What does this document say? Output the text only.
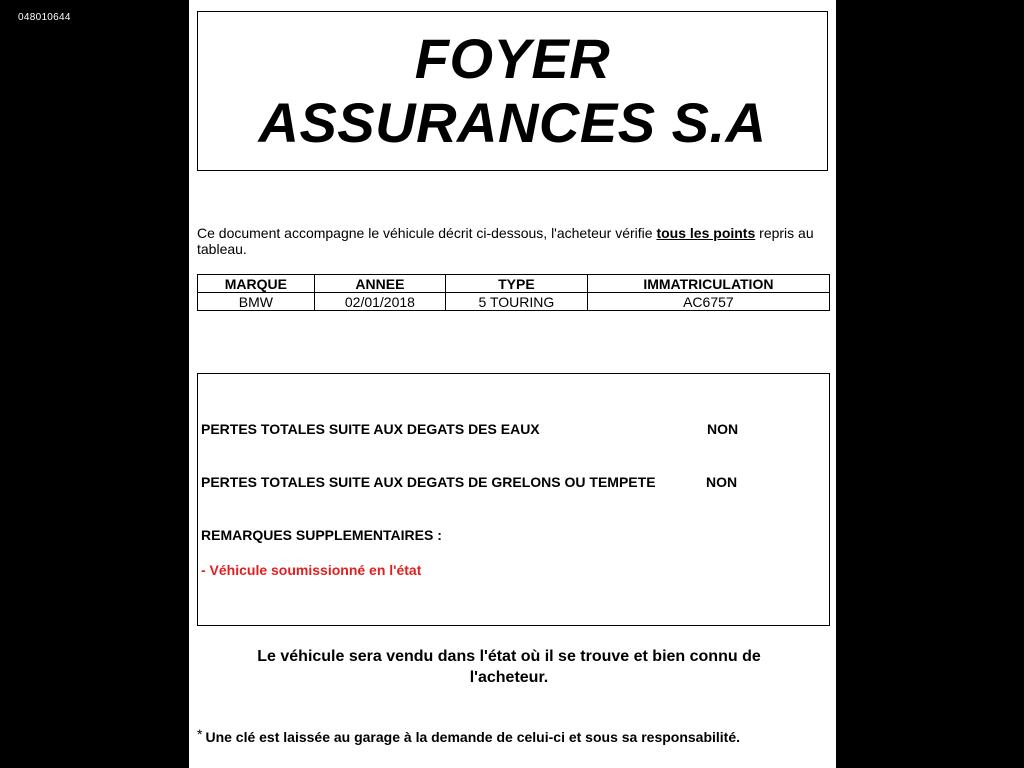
048010644
FOYER
ASSURANCES S.A
Ce document accompagne le véhicule décrit ci-dessous, l'acheteur vérifie tous les points repris au tableau.
MARQUE	ANNEE	TYPE	IMMATRICULATION
BMW	02/01/2018	5 TOURING	AC6757
PERTES TOTALES SUITE AUX DEGATS DES EAUX	NON
PERTES TOTALES SUITE AUX DEGATS DE GRELONS OU TEMPETE	NON
REMARQUES SUPPLEMENTAIRES :
- Véhicule soumissionné en l'état
Le véhicule sera vendu dans l'état où il se trouve et bien connu de
l'acheteur.
* Une clé est laissée au garage à la demande de celui-ci et sous sa responsabilité.
